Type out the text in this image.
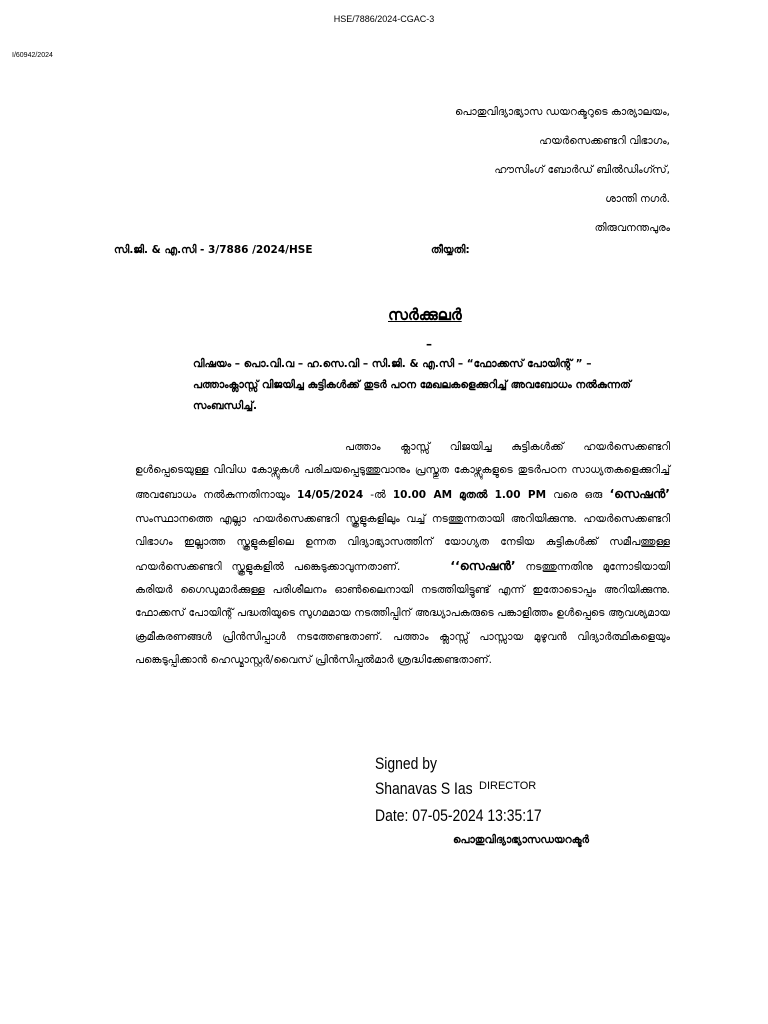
HSE/7886/2024-CGAC-3
I/60942/2024
പൊതുവിദ്യാഭ്യാസ ഡയറക്ടറുടെ കാര്യാലയം,
ഹയർസെക്കണ്ടറി വിഭാഗം,
ഹൗസിംഗ് ബോർഡ് ബിൽഡിംഗ്സ്,
ശാന്തി നഗർ.
തിരുവനന്തപുരം
സി.ജി. & എ.സി - 3/7886 /2024/HSE	തീയ്യതി:
സർക്കുലർ
–
വിഷയം – പൊ.വി.വ – ഹ.സെ.വി – സി.ജി. & എ.സി – “ഫോക്കസ് പോയിന്റ് ” – പത്താംക്ലാസ്സ് വിജയിച്ച കുട്ടികൾക്ക് തുടർ പഠന മേഖലകളെക്കുറിച്ച് അവബോധം നൽകുന്നത് സംബന്ധിച്ച്.

പത്താം ക്ലാസ്സ് വിജയിച്ച കുട്ടികൾക്ക് ഹയർസെക്കണ്ടറി ഉൾപ്പെടെയുള്ള വിവിധ കോഴ്സുകൾ പരിചയപ്പെടുത്തുവാനും പ്രസ്തുത കോഴ്സുകളുടെ തുടർപഠന സാധ്യതകളെക്കുറിച്ച് അവബോധം നൽകുന്നതിനായും 14/05/2024 -ൽ 10.00 AM മുതൽ 1.00 PM വരെ ഒരു ‘സെഷൻ’ സംസ്ഥാനത്തെ എല്ലാ ഹയർസെക്കണ്ടറി സ്കൂളുകളിലും വച്ച് നടത്തുന്നതായി അറിയിക്കുന്നു. ഹയർസെക്കണ്ടറി വിഭാഗം ഇല്ലാത്ത സ്കൂളുകളിലെ ഉന്നത വിദ്യാഭ്യാസത്തിന് യോഗ്യത നേടിയ കുട്ടികൾക്ക് സമീപത്തുള്ള ഹയർസെക്കണ്ടറി സ്കൂളുകളിൽ പങ്കെടുക്കാവുന്നതാണ്.	‘‘സെഷൻ’ നടത്തുന്നതിനു മുന്നോടിയായി കരിയർ ഗൈഡുമാർക്കുള്ള പരിശീലനം ഓൺലൈനായി നടത്തിയിട്ടുണ്ട് എന്ന് ഇതോടൊപ്പം അറിയിക്കുന്നു. ഫോക്കസ് പോയിന്റ് പദ്ധതിയുടെ സുഗമമായ നടത്തിപ്പിന് അദ്ധ്യാപകരുടെ പങ്കാളിത്തം ഉൾപ്പെടെ ആവശ്യമായ ക്രമീകരണങ്ങൾ പ്രിൻസിപ്പാൾ നടത്തേണ്ടതാണ്. പത്താം ക്ലാസ്സ് പാസ്സായ മുഴുവൻ വിദ്യാർത്ഥികളെയും പങ്കെടുപ്പിക്കാൻ ഹെഡ്മാസ്റ്റർ/വൈസ് പ്രിൻസിപ്പൽമാർ ശ്രദ്ധിക്കേണ്ടതാണ്.

Signed by
Shanavas S Ias DIRECTOR
Date: 07-05-2024 13:35:17
പൊതുവിദ്യാഭ്യാസഡയറക്ടർ
